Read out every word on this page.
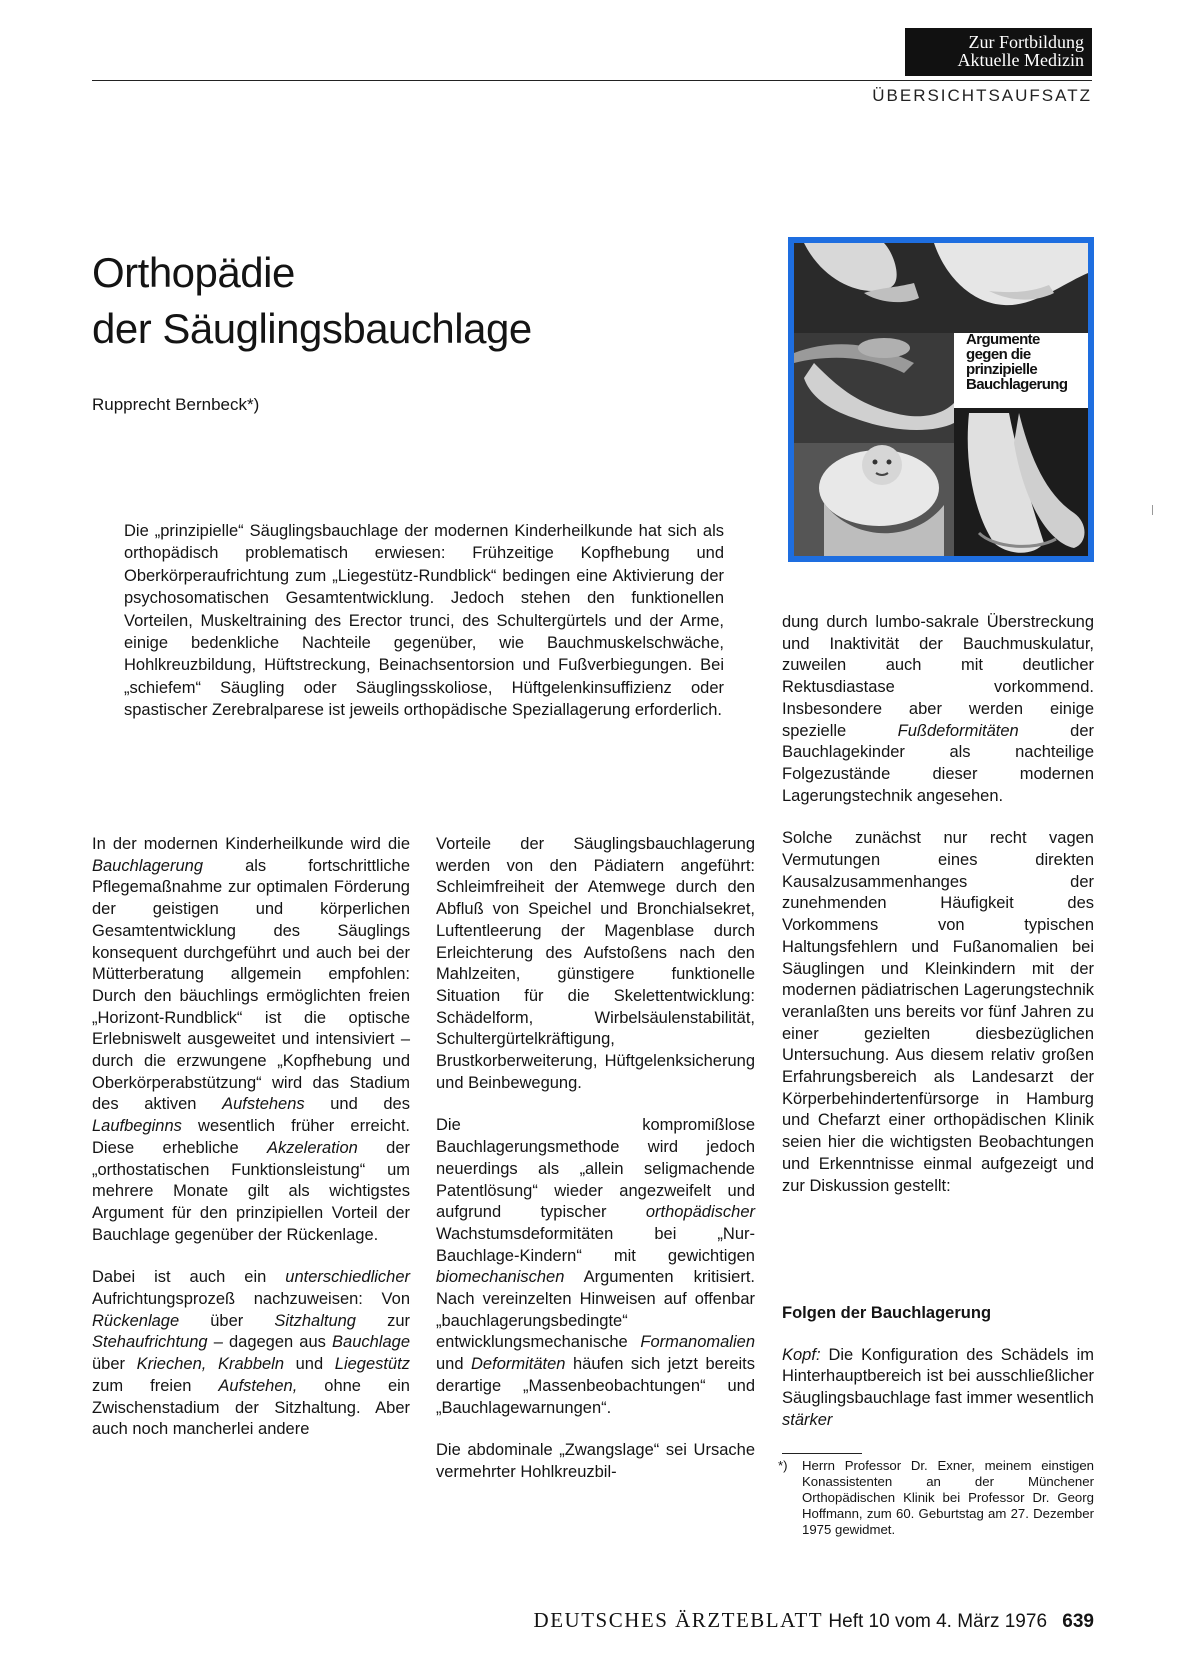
Zur Fortbildung
Aktuelle Medizin
ÜBERSICHTSAUFSATZ
Orthopädie
der Säuglingsbauchlage
Rupprecht Bernbeck*)
Argumente
gegen die
prinzipielle
Bauchlagerung

Die „prinzipielle“ Säuglingsbauchlage der modernen Kinderheilkunde hat sich als orthopädisch problematisch erwiesen: Frühzeitige Kopfhebung und Oberkörperaufrichtung zum „Liegestütz-Rundblick“ bedingen eine Aktivierung der psychosomatischen Gesamtentwicklung. Jedoch stehen den funktionellen Vorteilen, Muskeltraining des Erector trunci, des Schultergürtels und der Arme, einige bedenkliche Nachteile gegenüber, wie Bauchmuskelschwäche, Hohlkreuzbildung, Hüftstreckung, Beinachsentorsion und Fußverbiegungen. Bei „schiefem“ Säugling oder Säuglingsskoliose, Hüftgelenkinsuffizienz oder spastischer Zerebralparese ist jeweils orthopädische Speziallagerung erforderlich.

In der modernen Kinderheilkunde wird die Bauchlagerung als fortschrittliche Pflegemaßnahme zur optimalen Förderung der geistigen und körperlichen Gesamtentwicklung des Säuglings konsequent durchgeführt und auch bei der Mütterberatung allgemein empfohlen: Durch den bäuchlings ermöglichten freien „Horizont-Rundblick“ ist die optische Erlebniswelt ausgeweitet und intensiviert – durch die erzwungene „Kopfhebung und Oberkörperabstützung“ wird das Stadium des aktiven Aufstehens und des Laufbeginns wesentlich früher erreicht. Diese erhebliche Akzeleration der „orthostatischen Funktionsleistung“ um mehrere Monate gilt als wichtigstes Argument für den prinzipiellen Vorteil der Bauchlage gegenüber der Rückenlage.

Dabei ist auch ein unterschiedlicher Aufrichtungsprozeß nachzuweisen: Von Rückenlage über Sitzhaltung zur Stehaufrichtung – dagegen aus Bauchlage über Kriechen, Krabbeln und Liegestütz zum freien Aufstehen, ohne ein Zwischenstadium der Sitzhaltung. Aber auch noch mancherlei andere

Vorteile der Säuglingsbauchlagerung werden von den Pädiatern angeführt: Schleimfreiheit der Atemwege durch den Abfluß von Speichel und Bronchialsekret, Luftentleerung der Magenblase durch Erleichterung des Aufstoßens nach den Mahlzeiten, günstigere funktionelle Situation für die Skelettentwicklung: Schädelform, Wirbelsäulenstabilität, Schultergürtelkräftigung, Brustkorberweiterung, Hüftgelenksicherung und Beinbewegung.

Die kompromißlose Bauchlagerungsmethode wird jedoch neuerdings als „allein seligmachende Patentlösung“ wieder angezweifelt und aufgrund typischer orthopädischer Wachstumsdeformitäten bei „Nur-Bauchlage-Kindern“ mit gewichtigen biomechanischen Argumenten kritisiert. Nach vereinzelten Hinweisen auf offenbar „bauchlagerungsbedingte“ entwicklungsmechanische Formanomalien und Deformitäten häufen sich jetzt bereits derartige „Massenbeobachtungen“ und „Bauchlagewarnungen“.

Die abdominale „Zwangslage“ sei Ursache vermehrter Hohlkreuzbil-

dung durch lumbo-sakrale Überstreckung und Inaktivität der Bauchmuskulatur, zuweilen auch mit deutlicher Rektusdiastase vorkommend. Insbesondere aber werden einige spezielle Fußdeformitäten der Bauchlagekinder als nachteilige Folgezustände dieser modernen Lagerungstechnik angesehen.

Solche zunächst nur recht vagen Vermutungen eines direkten Kausalzusammenhanges der zunehmenden Häufigkeit des Vorkommens von typischen Haltungsfehlern und Fußanomalien bei Säuglingen und Kleinkindern mit der modernen pädiatrischen Lagerungstechnik veranlaßten uns bereits vor fünf Jahren zu einer gezielten diesbezüglichen Untersuchung. Aus diesem relativ großen Erfahrungsbereich als Landesarzt der Körperbehindertenfürsorge in Hamburg und Chefarzt einer orthopädischen Klinik seien hier die wichtigsten Beobachtungen und Erkenntnisse einmal aufgezeigt und zur Diskussion gestellt:

Folgen der Bauchlagerung

Kopf: Die Konfiguration des Schädels im Hinterhauptbereich ist bei ausschließlicher Säuglingsbauchlage fast immer wesentlich stärker

*)	Herrn Professor Dr. Exner, meinem einstigen Konassistenten an der Münchener Orthopädischen Klinik bei Professor Dr. Georg Hoffmann, zum 60. Geburtstag am 27. Dezember 1975 gewidmet.
DEUTSCHES ÄRZTEBLATT Heft 10 vom 4. März 1976 639
